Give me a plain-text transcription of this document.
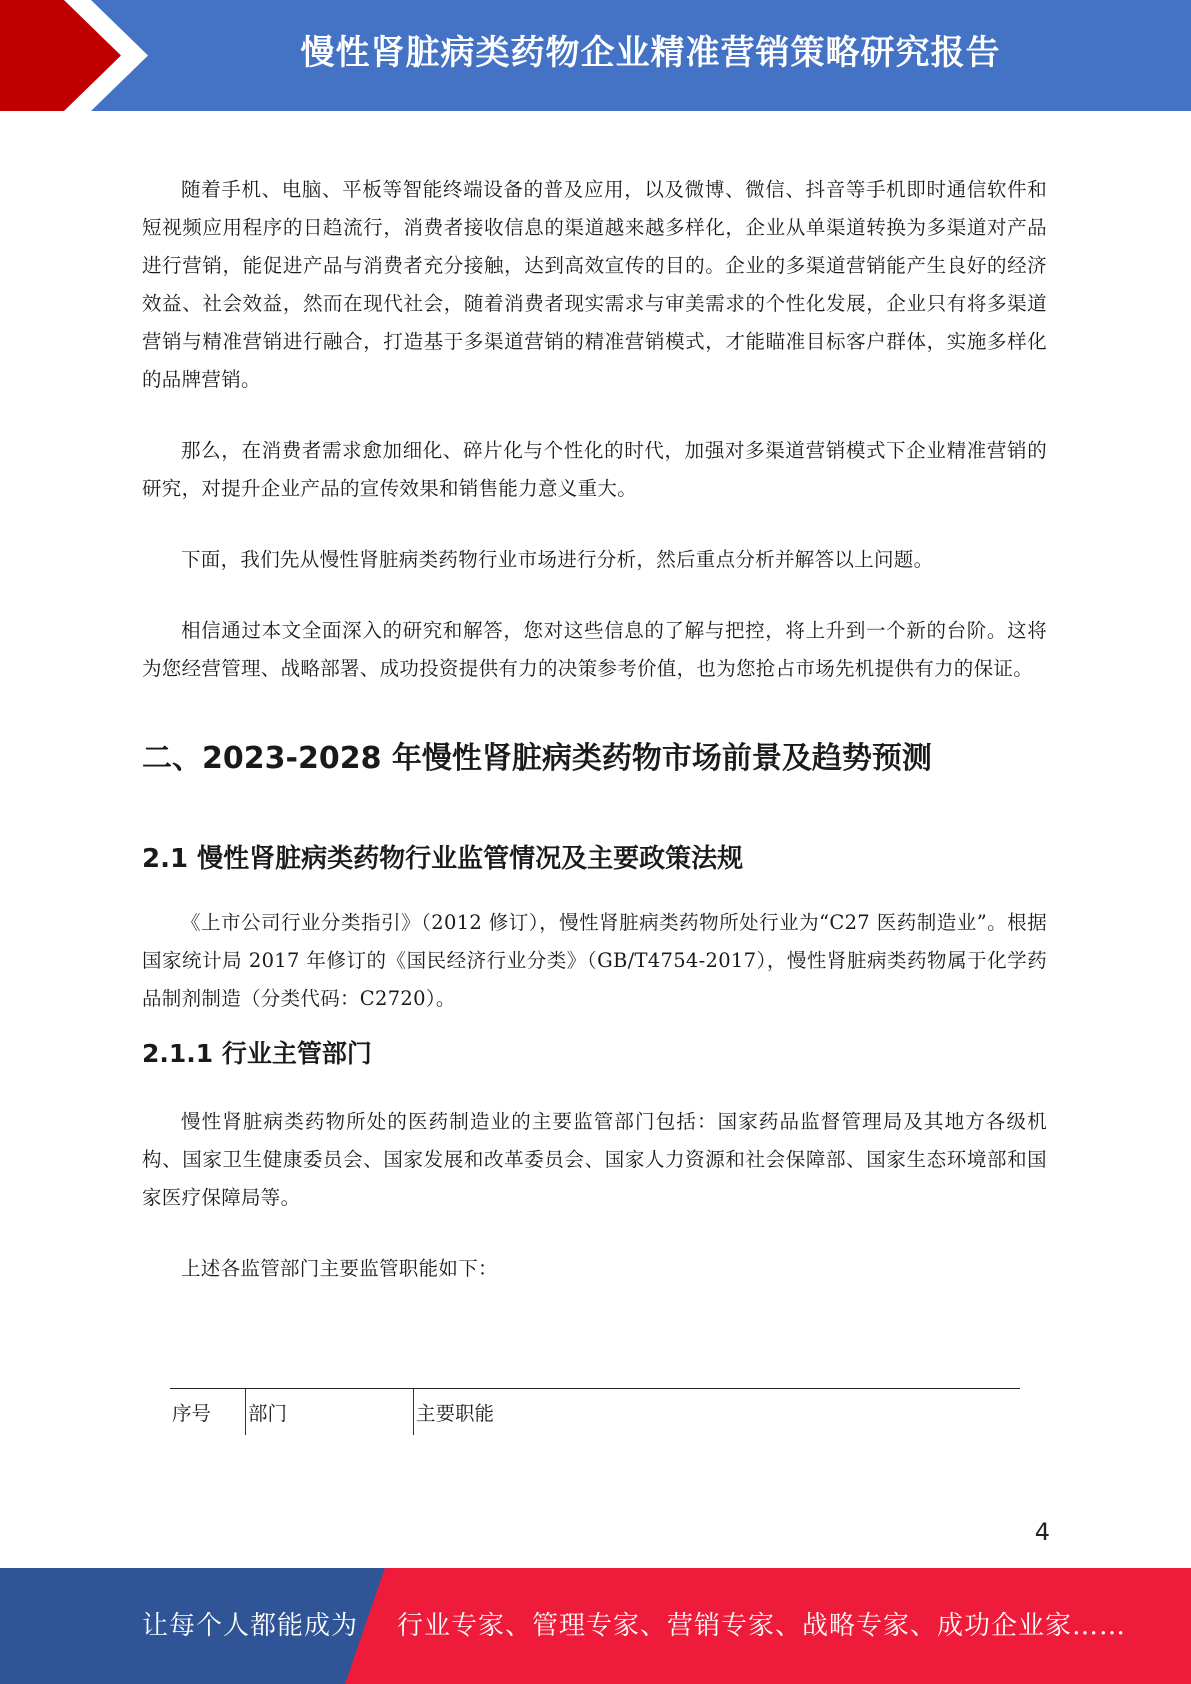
慢性肾脏病类药物企业精准营销策略研究报告

随着手机、电脑、平板等智能终端设备的普及应用，以及微博、微信、抖音等手机即时通信软件和短视频应用程序的日趋流行，消费者接收信息的渠道越来越多样化，企业从单渠道转换为多渠道对产品进行营销，能促进产品与消费者充分接触，达到高效宣传的目的。企业的多渠道营销能产生良好的经济效益、社会效益，然而在现代社会，随着消费者现实需求与审美需求的个性化发展，企业只有将多渠道营销与精准营销进行融合，打造基于多渠道营销的精准营销模式，才能瞄准目标客户群体，实施多样化的品牌营销。

那么，在消费者需求愈加细化、碎片化与个性化的时代，加强对多渠道营销模式下企业精准营销的研究，对提升企业产品的宣传效果和销售能力意义重大。

下面，我们先从慢性肾脏病类药物行业市场进行分析，然后重点分析并解答以上问题。

相信通过本文全面深入的研究和解答，您对这些信息的了解与把控，将上升到一个新的台阶。这将为您经营管理、战略部署、成功投资提供有力的决策参考价值，也为您抢占市场先机提供有力的保证。

二、2023-2028 年慢性肾脏病类药物市场前景及趋势预测
2.1 慢性肾脏病类药物行业监管情况及主要政策法规

《上市公司行业分类指引》（2012 修订），慢性肾脏病类药物所处行业为“C27 医药制造业”。根据国家统计局 2017 年修订的《国民经济行业分类》（GB/T4754-2017），慢性肾脏病类药物属于化学药品制剂制造（分类代码：C2720）。

2.1.1 行业主管部门

慢性肾脏病类药物所处的医药制造业的主要监管部门包括：国家药品监督管理局及其地方各级机构、国家卫生健康委员会、国家发展和改革委员会、国家人力资源和社会保障部、国家生态环境部和国家医疗保障局等。

上述各监管部门主要监管职能如下：

序号	部门	主要职能
4
让每个人都能成为 行业专家、管理专家、营销专家、战略专家、成功企业家……
